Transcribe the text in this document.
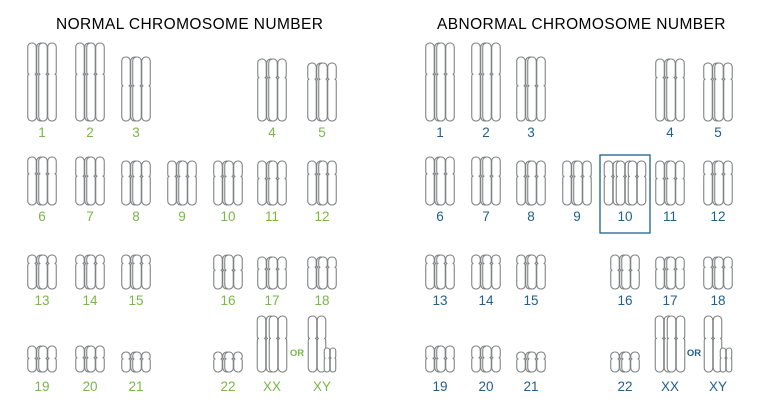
NORMAL CHROMOSOME NUMBER	ABNORMAL CHROMOSOME NUMBER
1	2	3	4	5
6	7	8	9	10 11	12
13 14 15	16 17	18
19 20 21	22 XX XY
OR
1	2	3	4	5
6	7	8	9	10 11 12
13 14 15	16 17 18
19 20 21	22 XX XY
OR
